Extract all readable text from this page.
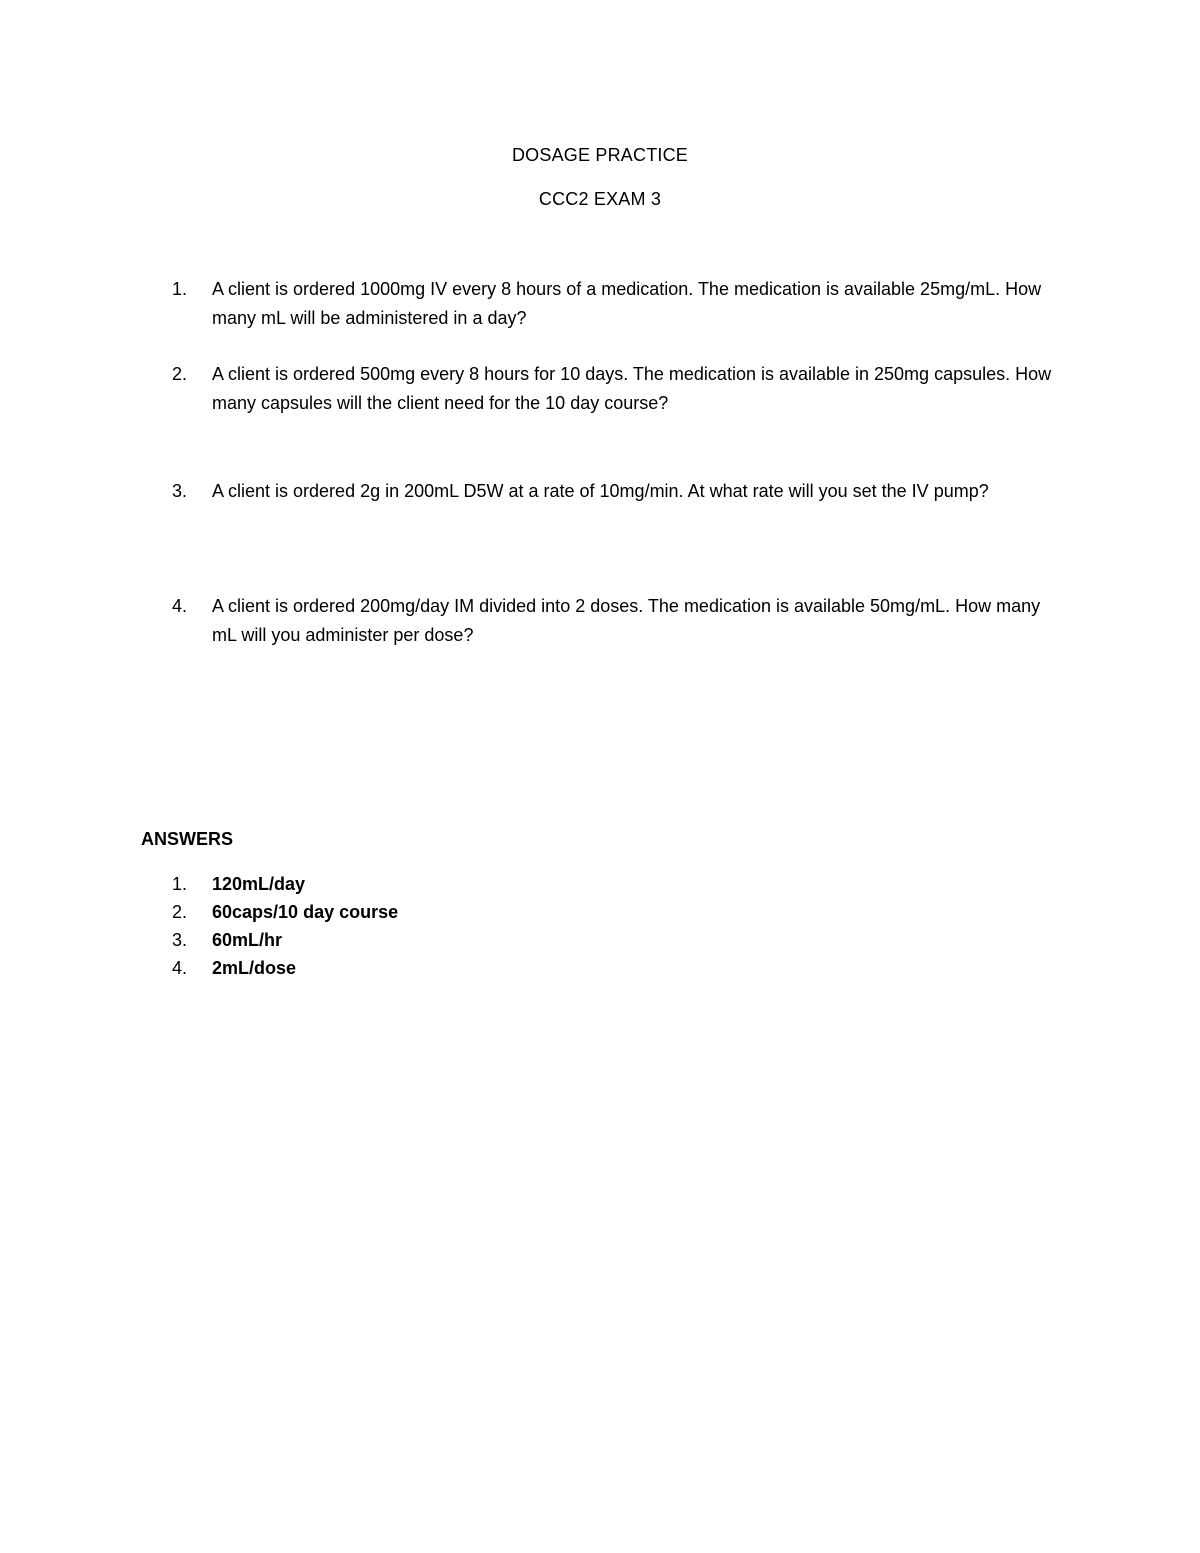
DOSAGE PRACTICE
CCC2 EXAM 3
1.	A client is ordered 1000mg IV every 8 hours of a medication. The medication is available 25mg/mL. How many mL will be administered in a day?
2.	A client is ordered 500mg every 8 hours for 10 days. The medication is available in 250mg capsules. How many capsules will the client need for the 10 day course?
3.	A client is ordered 2g in 200mL D5W at a rate of 10mg/min. At what rate will you set the IV pump?
4.	A client is ordered 200mg/day IM divided into 2 doses. The medication is available 50mg/mL. How many mL will you administer per dose?
ANSWERS
1.	120mL/day
2.	60caps/10 day course
3.	60mL/hr
4.	2mL/dose
